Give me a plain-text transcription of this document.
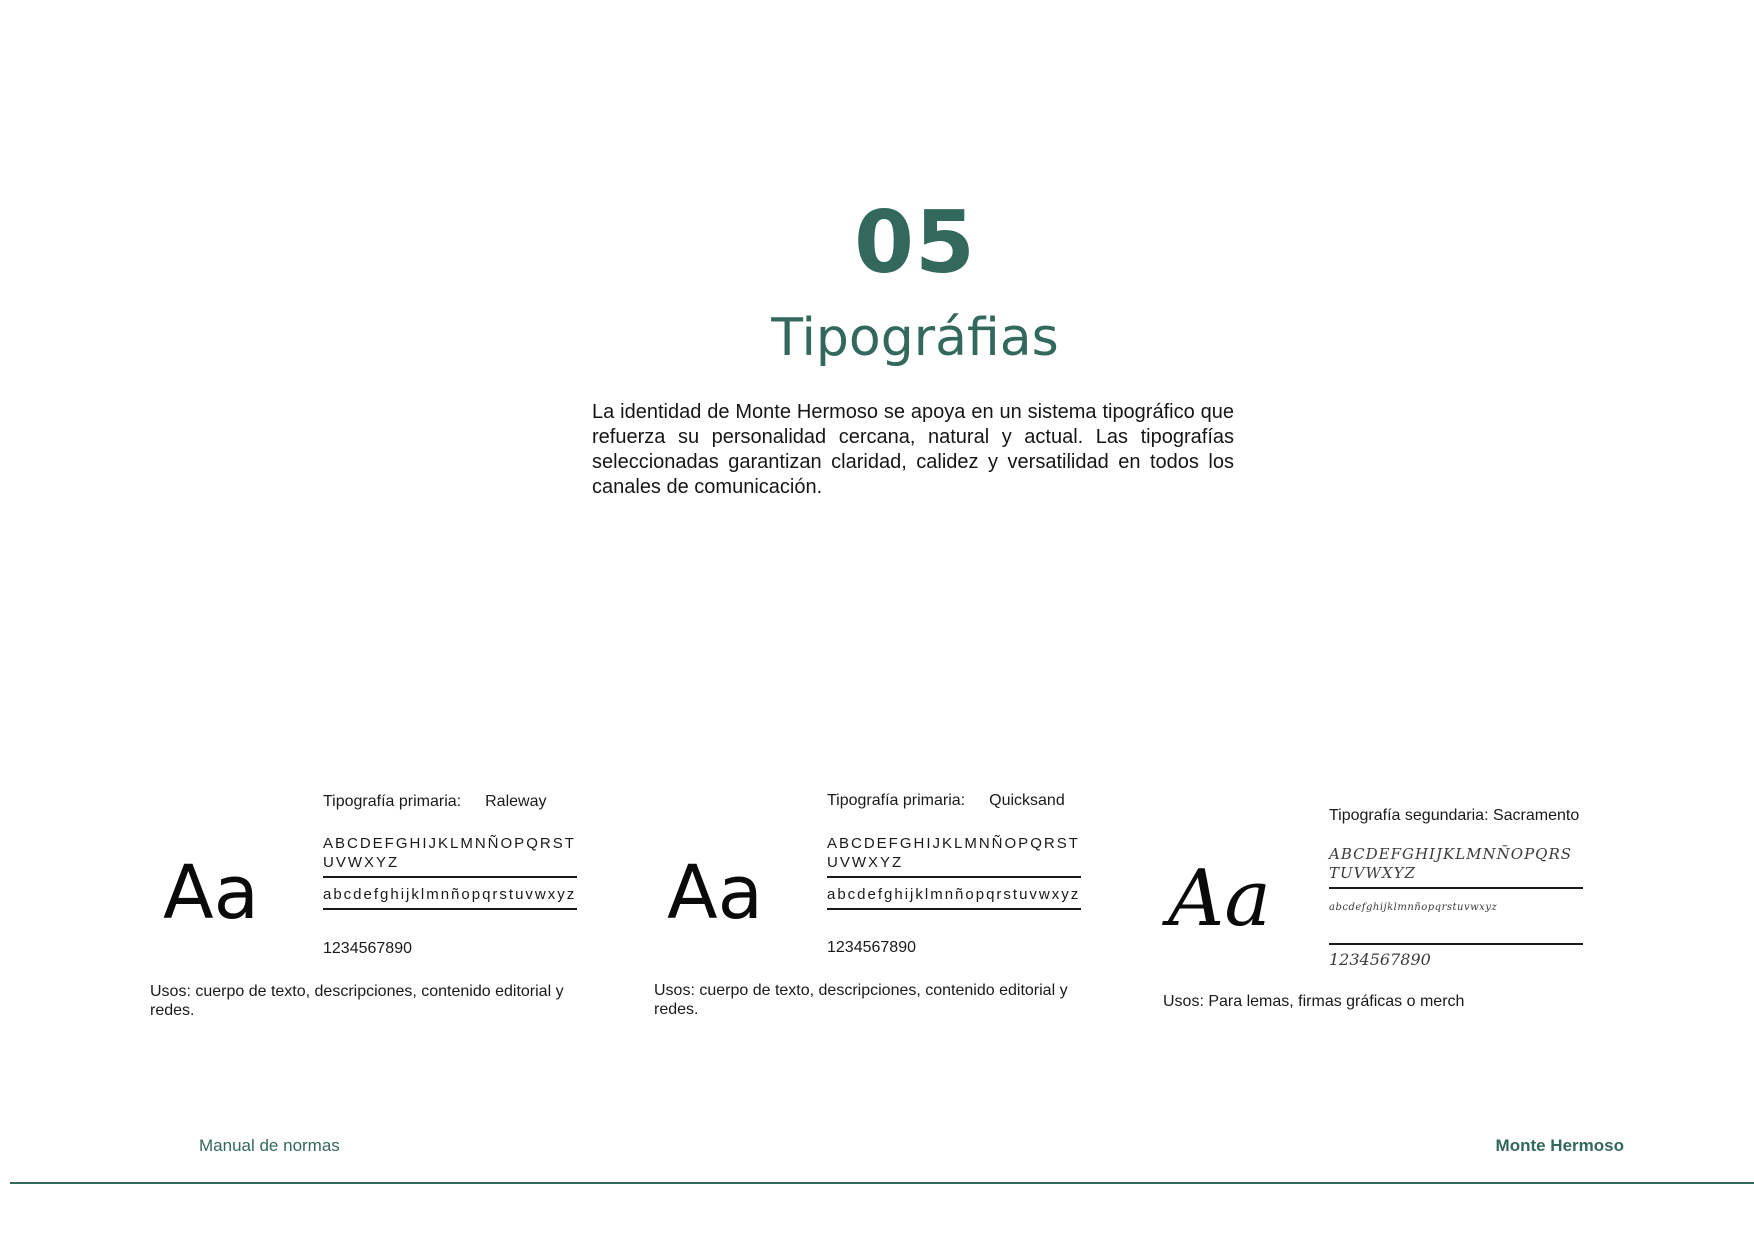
05
Tipográfias
La identidad de Monte Hermoso se apoya en un sistema tipográfico que refuerza su personalidad cercana, natural y actual. Las tipografías seleccionadas garantizan claridad, calidez y versatilidad en todos los canales de comunicación.
Aa
Tipografía primaria: Raleway
ABCDEFGHIJKLMNÑOPQRSTUVWXYZ
abcdefghijklmnñopqrstuvwxyz
1234567890
Usos: cuerpo de texto, descripciones, contenido editorial y redes.
Aa
Tipografía primaria: Quicksand
ABCDEFGHIJKLMNÑOPQRSTUVWXYZ
abcdefghijklmnñopqrstuvwxyz
1234567890
Usos: cuerpo de texto, descripciones, contenido editorial y redes.
Aa
Tipografía segundaria: Sacramento
ABCDEFGHIJKLMNÑOPQRSTUVWXYZ
abcdefghijklmnñopqrstuvwxyz
1234567890
Usos: Para lemas, firmas gráficas o merch
Manual de normas	Monte Hermoso
